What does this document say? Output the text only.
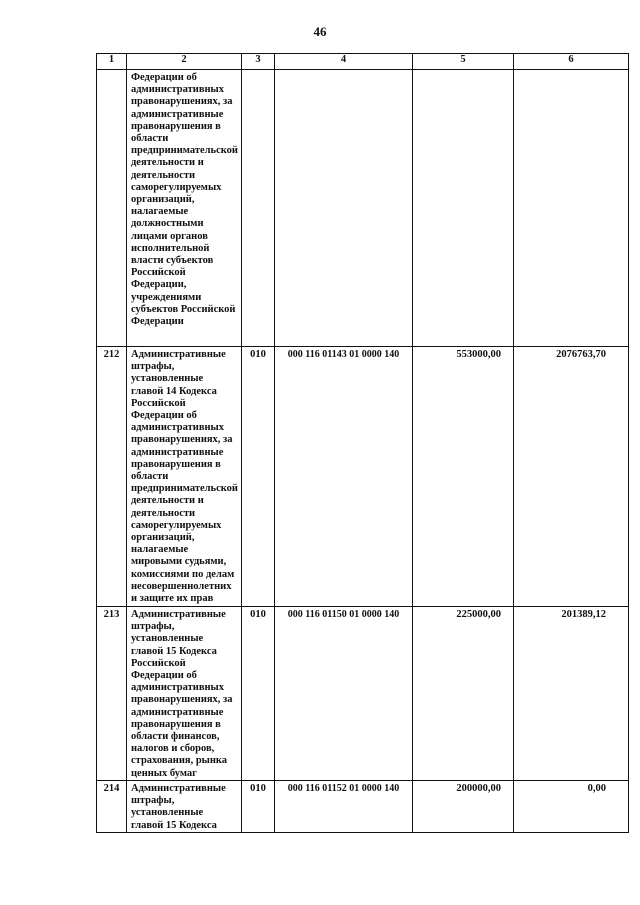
46
1	2	3	4	5	6
	Федерации об административных правонарушениях, за административные правонарушения в области предпринимательской деятельности и деятельности саморегулируемых организаций, налагаемые должностными лицами органов исполнительной власти субъектов Российской Федерации, учреждениями субъектов Российской Федерации				
212	Административные штрафы, установленные главой 14 Кодекса Российской Федерации об административных правонарушениях, за административные правонарушения в области предпринимательской деятельности и деятельности саморегулируемых организаций, налагаемые мировыми судьями, комиссиями по делам несовершеннолетних и защите их прав	010	000 116 01143 01 0000 140	553000,00	2076763,70
213	Административные штрафы, установленные главой 15 Кодекса Российской Федерации об административных правонарушениях, за административные правонарушения в области финансов, налогов и сборов, страхования, рынка ценных бумаг	010	000 116 01150 01 0000 140	225000,00	201389,12
214	Административные штрафы, установленные главой 15 Кодекса	010	000 116 01152 01 0000 140	200000,00	0,00
